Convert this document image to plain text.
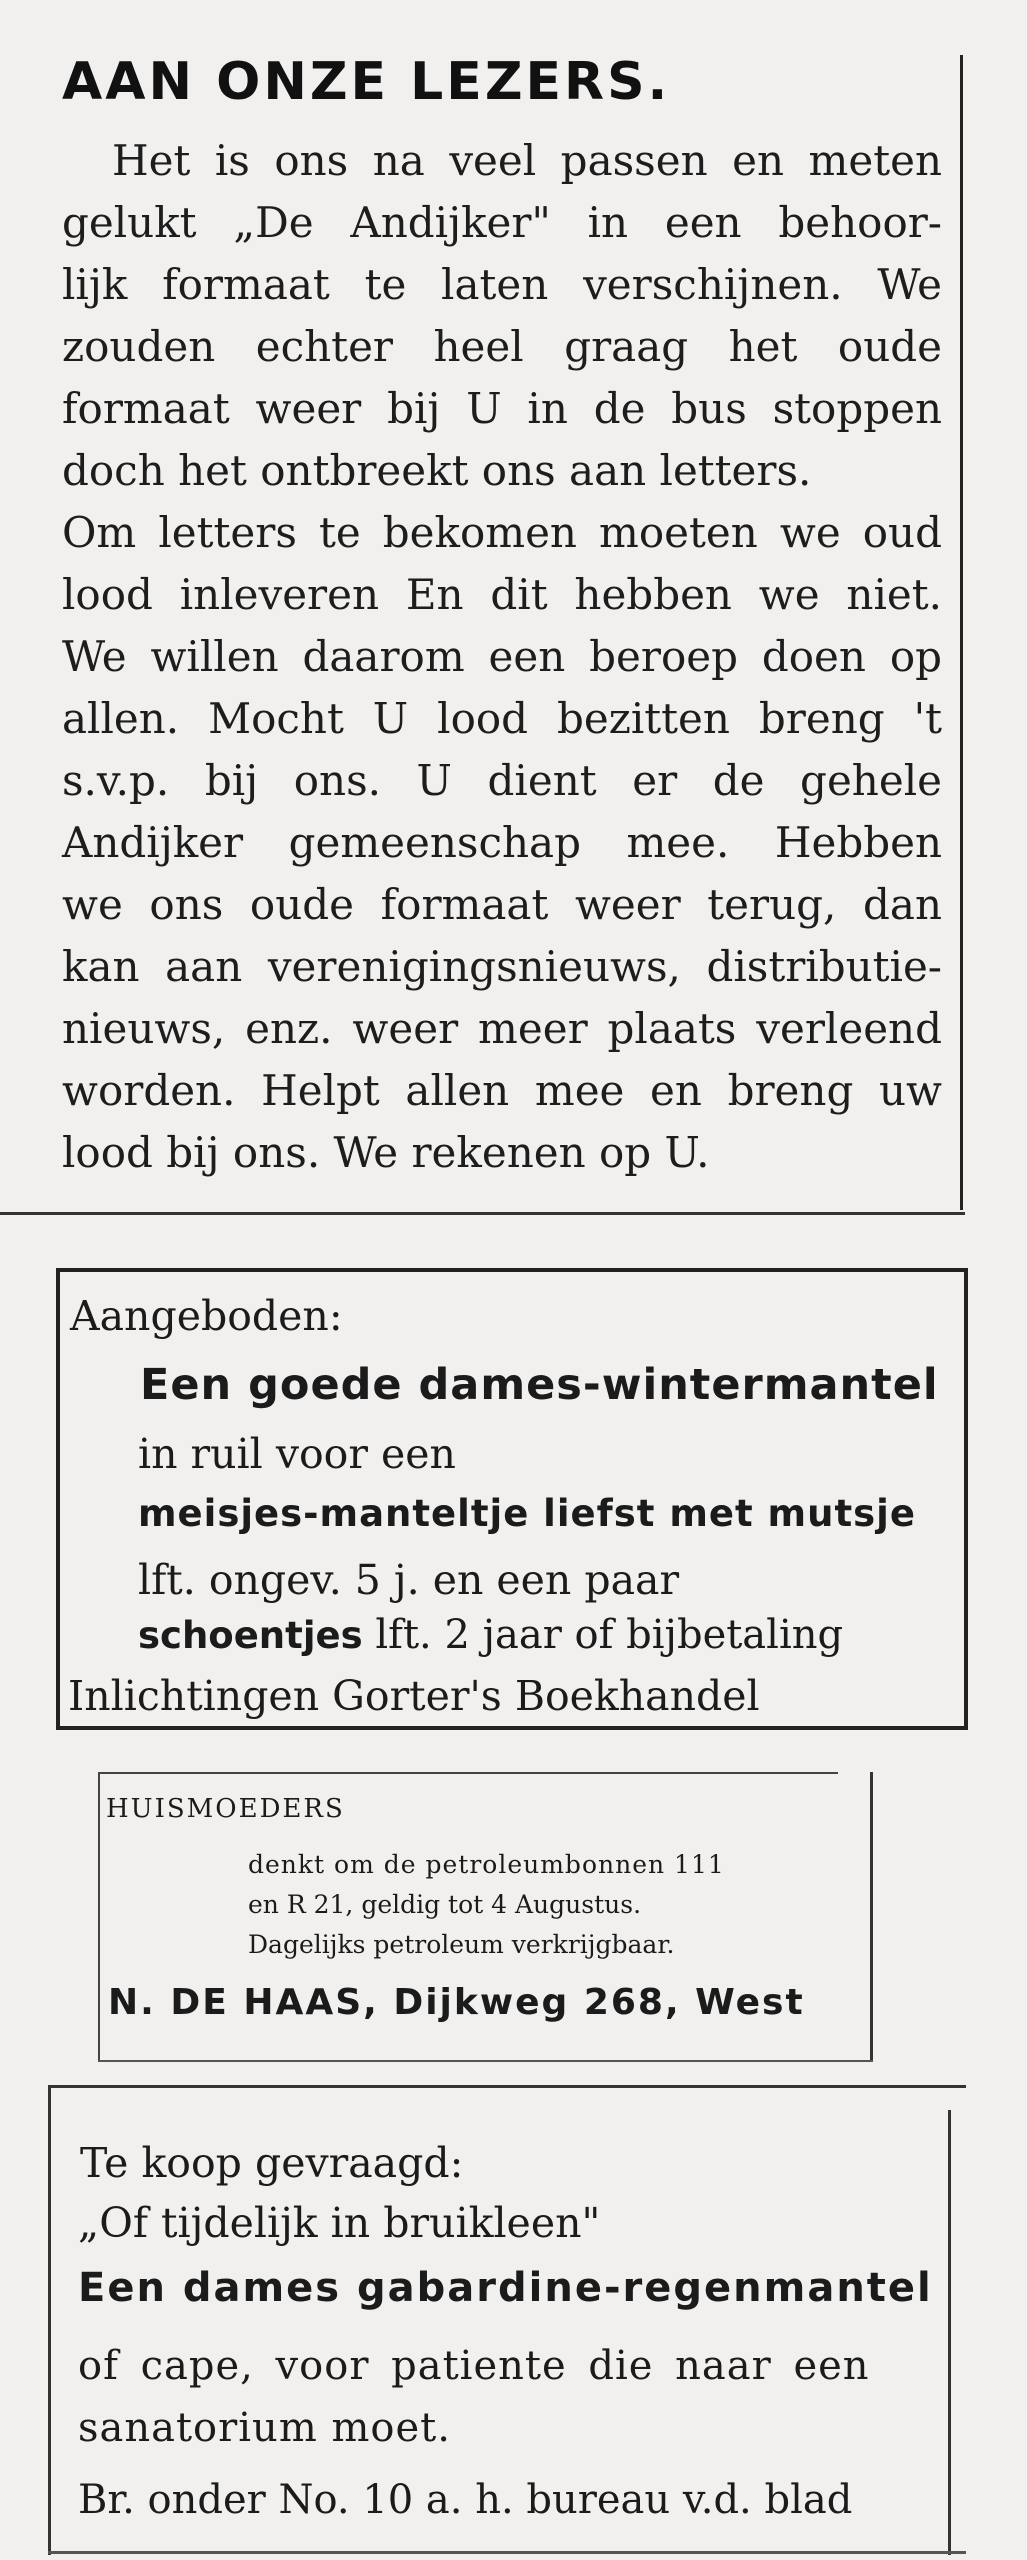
AAN ONZE LEZERS.
Het is ons na veel passen en meten
gelukt „De Andijker" in een behoor-
lijk formaat te laten verschijnen. We
zouden echter heel graag het oude
formaat weer bij U in de bus stoppen
doch het ontbreekt ons aan letters.
Om letters te bekomen moeten we oud
lood inleveren En dit hebben we niet.
We willen daarom een beroep doen op
allen. Mocht U lood bezitten breng 't
s.v.p. bij ons. U dient er de gehele
Andijker gemeenschap mee. Hebben
we ons oude formaat weer terug, dan
kan aan verenigingsnieuws, distributie-
nieuws, enz. weer meer plaats verleend
worden. Helpt allen mee en breng uw
lood bij ons. We rekenen op U.
Aangeboden:
Een goede dames-wintermantel
in ruil voor een
meisjes-manteltje liefst met mutsje
lft. ongev. 5 j. en een paar
schoentjes lft. 2 jaar of bijbetaling
Inlichtingen Gorter's Boekhandel
HUISMOEDERS
denkt om de petroleumbonnen 111
en R 21, geldig tot 4 Augustus.
Dagelijks petroleum verkrijgbaar.
N. DE HAAS, Dijkweg 268, West
Te koop gevraagd:
„Of tijdelijk in bruikleen"
Een dames gabardine-regenmantel
of cape, voor patiente die naar een
sanatorium moet.
Br. onder No. 10 a. h. bureau v.d. blad
